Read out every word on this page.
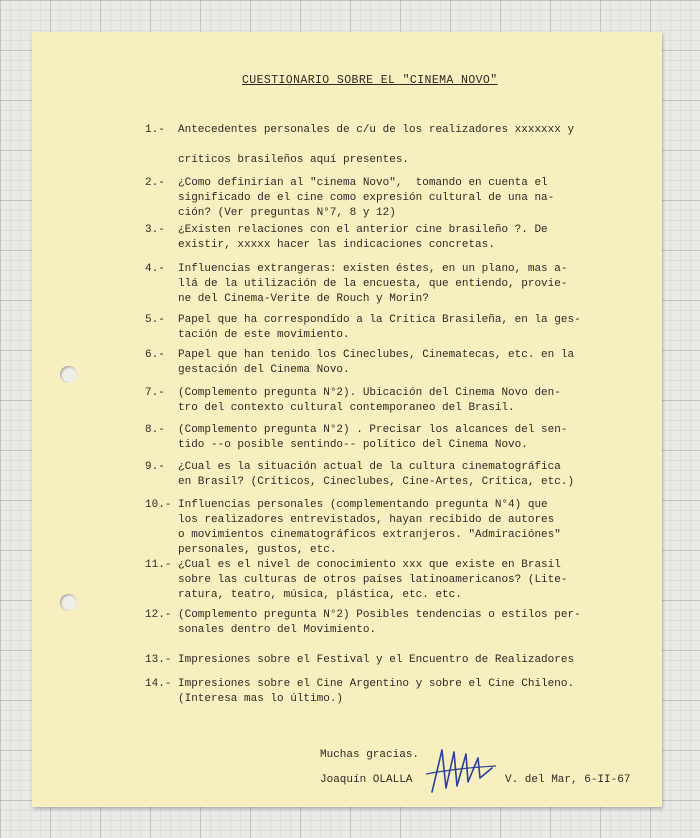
CUESTIONARIO SOBRE EL "CINEMA NOVO"
1.- Antecedentes personales de c/u de los realizadores xxxxxxx y

críticos brasileños aquí presentes.
2.- ¿Como definirían al "cinema Novo",  tomando en cuenta el
significado de el cine como expresión cultural de una na-
ción? (Ver preguntas N°7, 8 y 12)
3.- ¿Existen relaciones con el anterior cine brasileño ?. De
existir, xxxxx hacer las indicaciones concretas.
4.- Influencias extrangeras: existen éstes, en un plano, mas a-
llá de la utilización de la encuesta, que entiendo, provie-
ne del Cinema-Verite de Rouch y Morin?
5.- Papel que ha correspondido a la Crítica Brasileña, en la ges-
tación de este movimiento.
6.- Papel que han tenido los Cineclubes, Cinematecas, etc. en la
gestación del Cinema Novo.
7.- (Complemento pregunta N°2). Ubicación del Cinema Novo den-
tro del contexto cultural contemporaneo del Brasil.
8.- (Complemento pregunta N°2) . Precisar los alcances del sen-
tido --o posible sentindo-- político del Cinema Novo.
9.- ¿Cual es la situación actual de la cultura cinematográfica
en Brasil? (Críticos, Cineclubes, Cine-Artes, Crítica, etc.)
10.- Influencias personales (complementando pregunta N°4) que
los realizadores entrevistados, hayan recibido de autores
o movimientos cinematográficos extranjeros. "Admiraciónes"
personales, gustos, etc.
11.- ¿Cual es el nivel de conocimiento xxx que existe en Brasil
sobre las culturas de otros países latinoamericanos? (Lite-
ratura, teatro, música, plástica, etc. etc.
12.- (Complemento pregunta N°2) Posibles tendencias o estilos per-
sonales dentro del Movimiento.
13.- Impresiones sobre el Festival y el Encuentro de Realizadores
14.- Impresiones sobre el Cine Argentino y sobre el Cine Chileno.
(Interesa mas lo último.)
Muchas gracias.
Joaquín OLALLA	V. del Mar, 6-II-67
